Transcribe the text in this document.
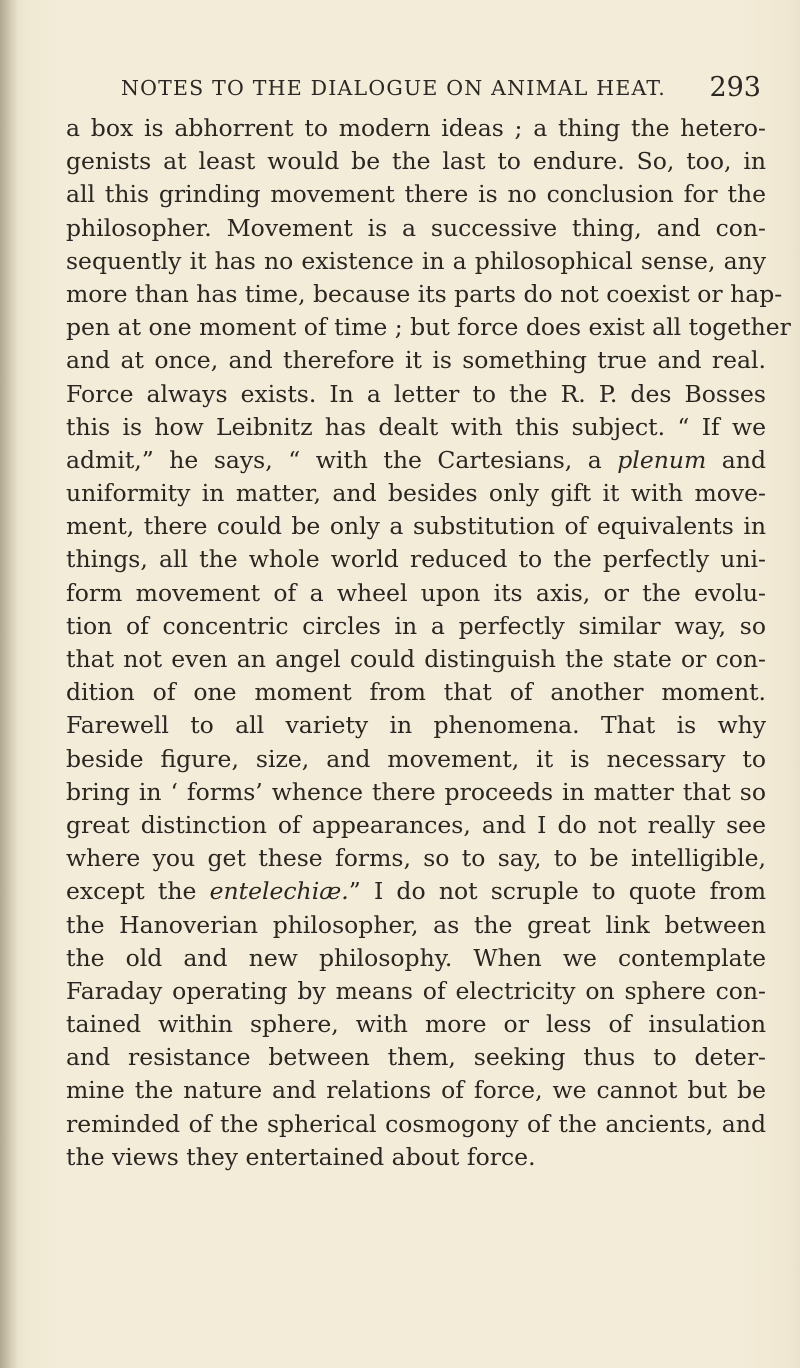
NOTES TO THE DIALOGUE ON ANIMAL HEAT. 293
a box is abhorrent to modern ideas ; a thing the hetero-
genists at least would be the last to endure. So, too, in
all this grinding movement there is no conclusion for the
philosopher. Movement is a successive thing, and con-
sequently it has no existence in a philosophical sense, any
more than has time, because its parts do not coexist or hap-
pen at one moment of time ; but force does exist all together
and at once, and therefore it is something true and real.
Force always exists. In a letter to the R. P. des Bosses
this is how Leibnitz has dealt with this subject. “ If we
admit,” he says, “ with the Cartesians, a plenum and
uniformity in matter, and besides only gift it with move-
ment, there could be only a substitution of equivalents in
things, all the whole world reduced to the perfectly uni-
form movement of a wheel upon its axis, or the evolu-
tion of concentric circles in a perfectly similar way, so
that not even an angel could distinguish the state or con-
dition of one moment from that of another moment.
Farewell to all variety in phenomena. That is why
beside figure, size, and movement, it is necessary to
bring in ‘ forms’ whence there proceeds in matter that so
great distinction of appearances, and I do not really see
where you get these forms, so to say, to be intelligible,
except the entelechiæ.” I do not scruple to quote from
the Hanoverian philosopher, as the great link between
the old and new philosophy. When we contemplate
Faraday operating by means of electricity on sphere con-
tained within sphere, with more or less of insulation
and resistance between them, seeking thus to deter-
mine the nature and relations of force, we cannot but be
reminded of the spherical cosmogony of the ancients, and
the views they entertained about force.
